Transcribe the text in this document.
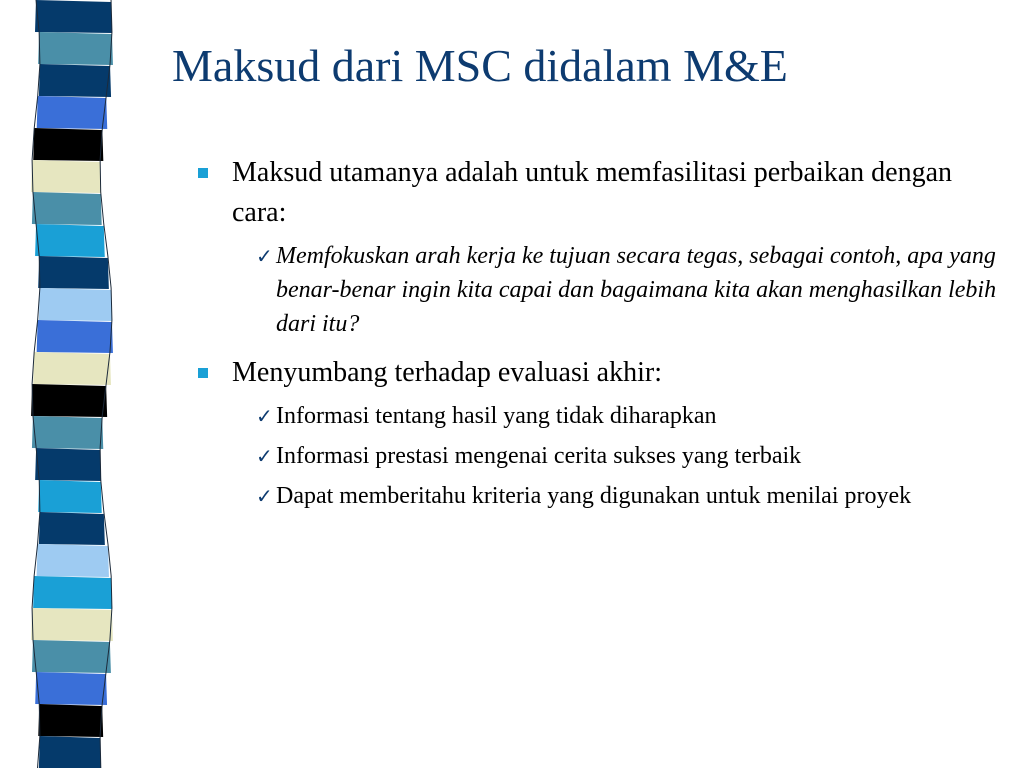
Maksud dari MSC didalam M&E
Maksud utamanya adalah untuk memfasilitasi perbaikan dengan cara:
✓ Memfokuskan arah kerja ke tujuan secara tegas, sebagai contoh, apa yang benar-benar ingin kita capai dan bagaimana kita akan menghasilkan lebih dari itu?
Menyumbang terhadap evaluasi akhir:
✓ Informasi tentang hasil yang tidak diharapkan
✓ Informasi prestasi mengenai cerita sukses yang terbaik
✓ Dapat memberitahu kriteria yang digunakan untuk menilai proyek
